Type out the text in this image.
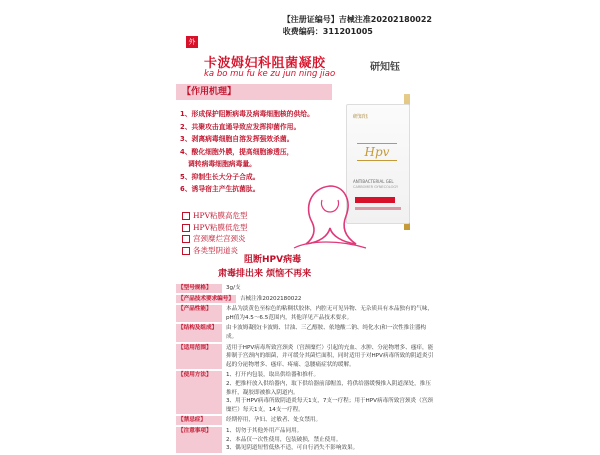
【注册证编号】吉械注准20202180022
收费编码：311201005
外
卡波姆妇科阻菌凝胶
ka bo mu fu ke zu jun ning jiao
研知钰
【作用机理】
1、形成保护阻断病毒及病毒细胞核的供给。
2、共聚攻击直通导致应发挥抑菌作用。
3、剥离病毒细胞自溶发挥强效杀菌。
4、酸化细胞外膜，提高细胞渗透压，
调转病毒细胞病毒量。
5、抑制生长大分子合成。
6、诱导宿主产生抗菌肽。
研知钰
Hpv
ANTIBACTERIAL GEL
CARBOMER GYNECOLOGY
HPV粘膜高危型
HPV粘膜低危型
宫颈糜烂宫颈炎
各类型阴道炎
阻断HPV病毒
肃毒排出来 烦恼不再来
【型号规格】	3g/支
【产品技术要求编号】	吉械注准20202180022
【产品性能】	本品为淡黄色至棕色的粘稠状胶体，内腔无可见异物、无杂质具有本品独有的气味，pH值为4.5～6.5范围内，其他详见产品技术要求。
【结构及组成】	由卡波姆凝胶(卡波姆、甘油、三乙醇胺、依地酸二钠、纯化水)和一次性推注器构成。
【适用范围】	适用于HPV病毒所致宫颈炎（宫颈糜烂）引起的充血、水肿、分泌物增多、瘙痒，能抑制于宫颈内的细菌，并可缓分其菌烂面积，同时适用于对HPV病毒所致的阴道炎引起的分泌物增多、瘙痒、疼痛、急腰痛症状的缓解。
【使用方法】	1、打开内包装，取出供给器和推杆。
2、把推杆放入供给器内，取下供给器前部帽盖，将供给器缓慢推入阴道深处，推压推杆，凝胶即被推入阴道内。
3、用于HPV病毒所致阴道炎每天1支，7支一疗程；用于HPV病毒所致宫颈炎（宫颈糜烂）每天1支，14支一疗程。
【禁忌症】	经期停用，孕妇、过敏者、处女禁用。
【注意事项】	1、切勿于其他外用产品同用。
2、本品仅一次性使用，包装破损，禁止使用。
3、偶见阴道短暂低热不适，可自行消失不影响效果。
